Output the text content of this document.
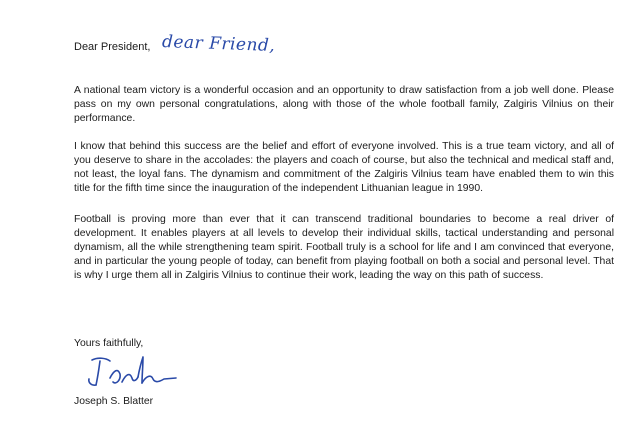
Dear President, dear Friend,

A national team victory is a wonderful occasion and an opportunity to draw satisfaction from a job well done. Please pass on my own personal congratulations, along with those of the whole football family, Zalgiris Vilnius on their performance.

I know that behind this success are the belief and effort of everyone involved. This is a true team victory, and all of you deserve to share in the accolades: the players and coach of course, but also the technical and medical staff and, not least, the loyal fans. The dynamism and commitment of the Zalgiris Vilnius team have enabled them to win this title for the fifth time since the inauguration of the independent Lithuanian league in 1990.

Football is proving more than ever that it can transcend traditional boundaries to become a real driver of development. It enables players at all levels to develop their individual skills, tactical understanding and personal dynamism, all the while strengthening team spirit. Football truly is a school for life and I am convinced that everyone, and in particular the young people of today, can benefit from playing football on both a social and personal level. That is why I urge them all in Zalgiris Vilnius to continue their work, leading the way on this path of success.

Yours faithfully,
Joseph S. Blatter
